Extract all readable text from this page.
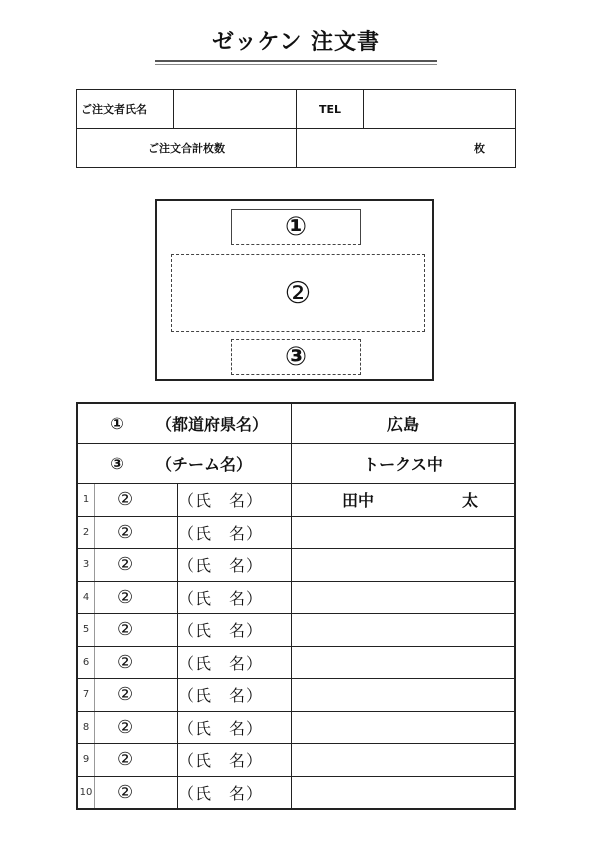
ゼッケン 注文書
ご注文者氏名		TEL	
ご注文合計枚数		枚	
①
②
③
① （都道府県名）			広島

③ （チーム名）			トークス中
1	②	（氏　名）	田中 太

2	②	（氏　名）	

3	②	（氏　名）	

4	②	（氏　名）	

5	②	（氏　名）	

6	②	（氏　名）	

7	②	（氏　名）	

8	②	（氏　名）	

9	②	（氏　名）	

10	②	（氏　名）	
